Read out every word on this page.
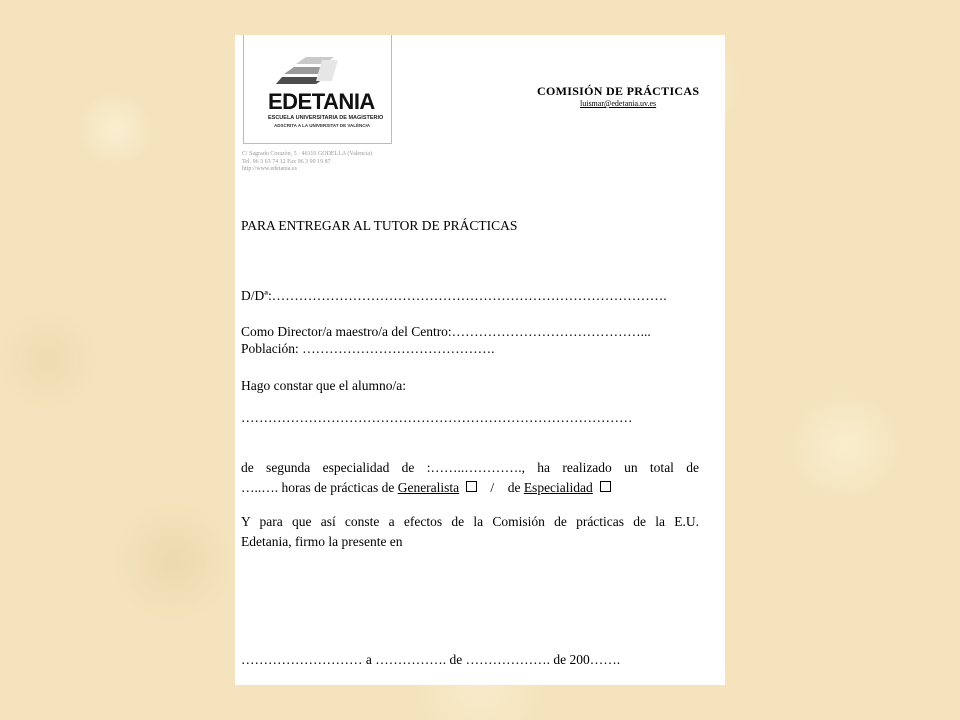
EDETANIA
ESCUELA UNIVERSITARIA DE MAGISTERIO
ADSCRITA A LA UNIVERSITAT DE VALÈNCIA
C/ Sagrado Corazón, 5 · 46110 GODELLA (Valencia)
Tel. 96 3 63 74 12 Fax 96 3 90 19 87
http://www.edetania.es
COMISIÓN DE PRÁCTICAS
luismar@edetania.uv.es
PARA ENTREGAR AL TUTOR DE PRÁCTICAS
D/Dª:…………………………………………………………………………….
Como Director/a maestro/a del Centro:……………………………………...
Población: …………………………………….
Hago constar que el alumno/a:
……………………………………………………………………………
de segunda especialidad de :……..…………., ha realizado un total de
…..…. horas de prácticas de Generalista / de Especialidad
Y para que así conste a efectos de la Comisión de prácticas de la E.U.
Edetania, firmo la presente en
……………………… a ……………. de ………………. de 200…….
